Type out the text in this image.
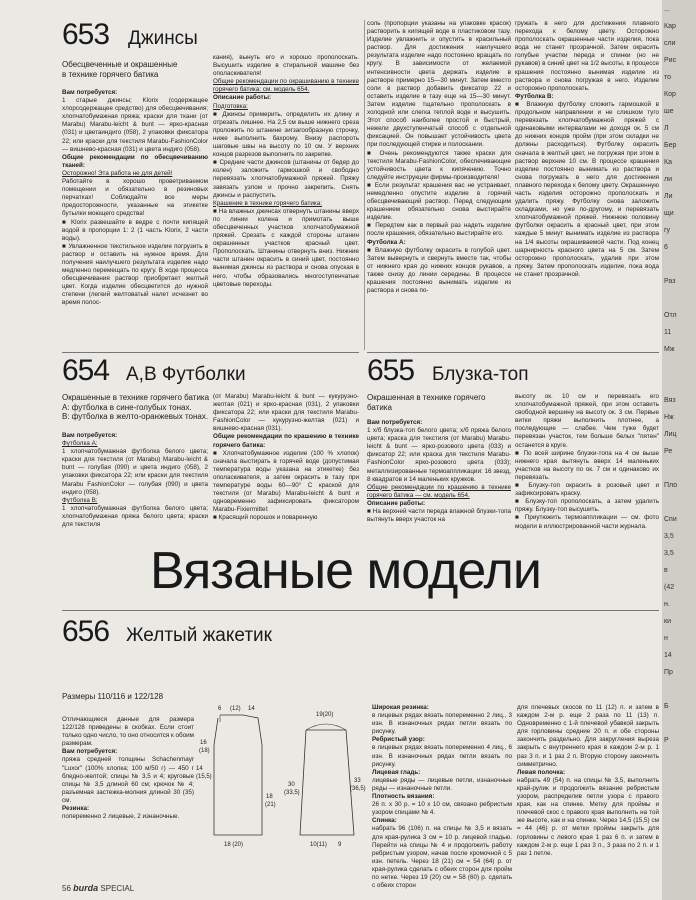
653 Джинсы
Обесцвеченные и окрашенные
в технике горячего батика

Вам потребуется:

1 старые джинсы; Klorix (содержащее хлорсодержащее средство) для обесцвечивания; хлопчатобумажная пряжа; краски для ткани (от Marabu) Marabu-leicht & bunt — ярко-красная (031) и цветаиндиго (058), 2 упаковки фиксатора 22; или краски для текстиля Marabu-FashionColor — вишнево-красная (031) и цвета индиго (058).

Общие рекомендации по обесцвечиванию тканей:

Осторожно! Эта работа не для детей!

Работайте в хорошо проветриваемом помещении и обязательно в резиновых перчатках! Соблюдайте все меры предосторожности, указанные на этикетке бутылки моющего средства!

■ Klorix развешайте в ведре с почти кипящей водой в пропорции 1: 2 (1 часть Klorix, 2 части воды).

■ Увлажненное текстильное изделие погрузить в раствор и оставить на нужное время. Для получения наилучшего результата изделие надо медленно перемещать по кругу. В ходе процесса обесцвечивания раствор приобретает желтый цвет. Когда изделие обесцветится до нужной степени (легкий желтоватый налет исчезнет во время полос-

кания), вынуть его и хорошо прополоскать. Высушить изделие в стиральной машине без ополаскивателя!

Общие рекомендации по окрашиванию в технике горячего батика: см. модель 654.

Описание работы:

Подготовка:

■ Джинсы примерить, определить их длину и отрезать лишнее. На 2,5 см выше нижнего среза проложить по штанине зигзагообразную строчку, ниже выполнить бахрому. Внизу распороть шаговые швы на высоту по 10 см. У верхних концов разрезов выполнить по закрепке.

■ Средние части джинсов (штанины от бедер до колен) заложить гармошкой и свободно перевязать хлопчатобумажной пряжей. Пряжу завязать узлом и прочно закрепить. Снять джинсы и распустить.

Крашение в технике горячего батика:

■ На влажных джинсах отвернуть штанины вверх по линии колена и примотать выше обесцвеченных участков хлопчатобумажной пряжей. Срезать с каждой стороны штанин окрашенных участков красный цвет. Прополоскать. Штанины отвернуть вниз. Нижние части штанин окрасить в синий цвет, постоянно вынимая джинсы из раствора и снова опуская в него, чтобы образовались многоступенчатые цветовые переходы.

соль (пропорции указаны на упаковке красок) растворить в кипящей воде в пластиковом тазу. Изделие увлажнить и опустить в красильный раствор. Для достижения наилучшего результата изделие надо постоянно вращать по кругу. В зависимости от желаемой интенсивности цвета держать изделие в растворе примерно 15—30 минут. Затем вместо соли в раствор добавить фиксатор 22 и оставить изделие в тазу еще на 15—30 минут. Затем изделие тщательно прополоскать в холодной или слегка теплой воде и высушить. Этот способ наиболее простой и быстрый, нежели двухступенчатый способ с отдельной фиксацией. Он повышает устойчивость цвета при последующей стирке и полоскании.

■ Очень рекомендуются также краски для текстиля Marabu-FashionColor, обеспечивающие устойчивость цвета к кипячению. Точно следуйте инструкции фирмы-производителя!

■ Если результат крашения вас не устраивает, немедленно опустите изделие в горячий обесцвечивающий раствор. Перед следующим крашением обязательно снова выстирайте изделие.

■ Передтем как в первый раз надеть изделие после крашения, обязательно выстирайте его.

Футболка А:

■ Влажную футболку окрасить в голубой цвет. Затем вывернуть и свернуть вместе так, чтобы от нижнего края до нижних концов рукавов, а также снизу до линии середины. В процессе крашения постоянно вынимать изделие из раствора и снова по-

гружать в него для достижения плавного перехода к белому цвету. Осторожно прополоскать окрашенные части изделия, пока вода не станет прозрачной. Затем окрасить голубые участки переда и спинки (но не рукавов) в синий цвет на 1/2 высоты, в процессе крашения постоянно вынимая изделие из раствора и снова погружая в него. Изделие осторожно прополоскать.

Футболка В:

■ Влажную футболку сложить гармошкой в продольном направлении и не слишком туго перевязать хлопчатобумажной пряжей с одинаковыми интервалами не доходя ок. 5 см до нижних концов пройм (при этом складки не должны расходиться). Футболку окрасить сначала в желтый цвет, не погружая при этом в раствор верхние 10 см. В процессе крашения изделие постоянно вынимать из раствора и снова погружать в него для достижения плавного перехода к белому цвету. Окрашенную часть изделия осторожно прополоскать и удалить пряжу. Футболку снова заложить складками, но уже по-другому, и перевязать хлопчатобумажной пряжей. Нижнюю половину футболки окрасить в красный цвет, при этом каждые 5 минут вынимать изделие из раствора на 1/4 высоты окрашиваемой части. Под конец шарнирность красного цвета на 5 см. Затем осторожно прополоскать, удалив при этом пряжу. Затем прополоскать изделие, пока вода не станет прозрачной.

654 А,В Футболки
Окрашенные в технике горячего батика
А: футболка в сине-голубых тонах.
В: футболка в желто-оранжевых тонах.

Вам потребуется:

Футболка А:

1 хлопчатобумажная футболка белого цвета; краски для текстиля (от Marabu) Marabu-leicht & bunt — голубая (090) и цвета индиго (058), 2 упаковки фиксатора 22; или краски для текстиля Marabu FashionColor — голубая (090) и цвета индиго (058).

Футболка В:

1 хлопчатобумажная футболка белого цвета; хлопчатобумажная пряжа белого цвета; краски для текстиля

(от Marabu) Marabu-leicht & bunt — кукурузно-желтая (021) и ярко-красная (031), 2 упаковки фиксатора 22; или краски для текстиля Marabu-FashionColor — кукурузно-желтая (021) и вишнево-красная (031).

Общие рекомендации по крашению в технике горячего батика:

■ Хлопчатобумажное изделие (100 % хлопок) сначала выстирать в горячей воде (допустимая температура воды указана на этикетке) без ополаскивателя, а затем окрасить в тазу при температуре воды 60—90° С краской для текстиля (от Marabu) Marabu-leicht & bunt и одновременно зафиксировать фиксатором Marabu-Fixiermittel:

■ Красящий порошок и поваренную

655 Блузка-топ
Окрашенная в технике горячего
батика

Вам потребуется:

1 х/б блузка-топ белого цвета; х/б пряжа белого цвета; краска для текстиля (от Marabu) Marabu-leicht & bunt — ярко-розового цвета (033) и фиксатор 22; или краска для текстиля Marabu-FashionColor ярко-розового цвета (033); металлизированные термоаппликации: 16 звезд, 8 квадратов и 14 маленьких кружков.

Общие рекомендации по крашению в технике горячего батика — см. модель 654.

Описание работы:

■ На верхней части переда влажной блузки-топа вытянуть вверх участок на

высоту ок. 10 см и перевязать его хлопчатобумажной пряжей, при этом оставить свободной вершину на высоту ок. 3 см. Первые витки пряжи выполнить плотнее, а последующие — слабее. Чем туже будет перевязан участок, тем больше белых "пятен" останется в круге.

■ По всей ширине блузки-топа на 4 см выше нижнего края вытянуть вверх 14 маленьких участков на высоту по ок. 7 см и одинаково их перевязать.

■ Блузку-топ окрасить в розовый цвет и зафиксировать краску.

■ Блузку-топ прополоскать, а затем удалить пряжу. Блузку-топ высушить.

■ Приутюжить термоаппликации — см. фото модели в иллюстрированной части журнала.

Вязаные модели
656 Желтый жакетик
Размеры 110/116 и 122/128

Отличающиеся данные для размера 122/128 приведены в скобках. Если стоит только одно число, то оно относится к обоим размерам.

Вам потребуется:

пряжа средней толщины Schachenmayr "Luxor" (100% хлопка; 100 м/50 г) — 450 г бледно-желтой; спицы № 3,5 и 4; круговые спицы № 3,5 длиной 60 см; крючок № 4; разъемная застежка-молния длиной 30 (35) см.

Резинка:

попеременно 2 лицевые, 2 изнаночные.

6 (12) 14
16
(18)
14
(15,5)
18
(21)
18 (20)
19(20)
30
(33,5)
33
(36,5)
10(11) 9

Широкая резинка:

в лицевых рядах вязать попеременно 2 лиц., 3 изн. В изнаночных рядах петли вязать по рисунку.

Ребристый узор:

в лицевых рядах вязать попеременно 4 лиц., 6 изн. В изнаночных рядах петли вязать по рисунку.

Лицевая гладь:

лицевые ряды — лицевые петли, изнаночные ряды — изнаночные петли.

Плотность вязания:

26 п. х 30 р. = 10 х 10 см, связано ребристым узором спицами № 4.

Спинка:

набрать 96 (106) п. на спицы № 3,5 и вязать для края-рулика 3 см = 10 р. лицевой гладью. Перейти на спицы № 4 и продолжить работу ребристым узором, начав после кромочной с 5 изн. петель. Через 18 (21) см = 54 (64) р. от края-рулика сделать с обеих сторон для пройм по нетке. Через 19 (20) см = 58 (60) р. сделать с обеих сторон

для плечевых скосов по 11 (12) п. и затем в каждом 2-м р. еще 2 раза по 11 (13) п. Одновременно с 1-й плечевой убавкой закрыть для горловины средние 20 п. и обе стороны закончить раздельно. Для закругления выреза закрыть с внутреннего края в каждом 2-м р. 1 раз 3 п. и 1 раз 2 п. Вторую сторону закончить симметрично.

Левая полочка:

набрать 49 (54) п. на спицы № 3,5, выполнить край-рулик и продолжить вязание ребристым узором, распределив петли узора с правого края, как на спинке. Метку для проймы и плечевой скос с правого края выполнить на той же высоте, как и на спинке. Через 14,5 (15,5) см = 44 (46) р. от метки проймы закрыть для горловины с левого края 1 раз 6 п. и затем в каждом 2-м р. еще 1 раз 3 п., 3 раза по 2 п. и 1 раз 1 петле.

56 burda SPECIAL
...
Кар
сли
Рис
то
Кор
ше
Л
Бер
Ка
ли
Ли
щи
гу
6
Раз
Отл
11
Мж
Вяз
Нж
Лиц
Ре
Пло
Спи
3,5
3,5
в
(42
н.
ки
н
14
Пр
Б
Р
